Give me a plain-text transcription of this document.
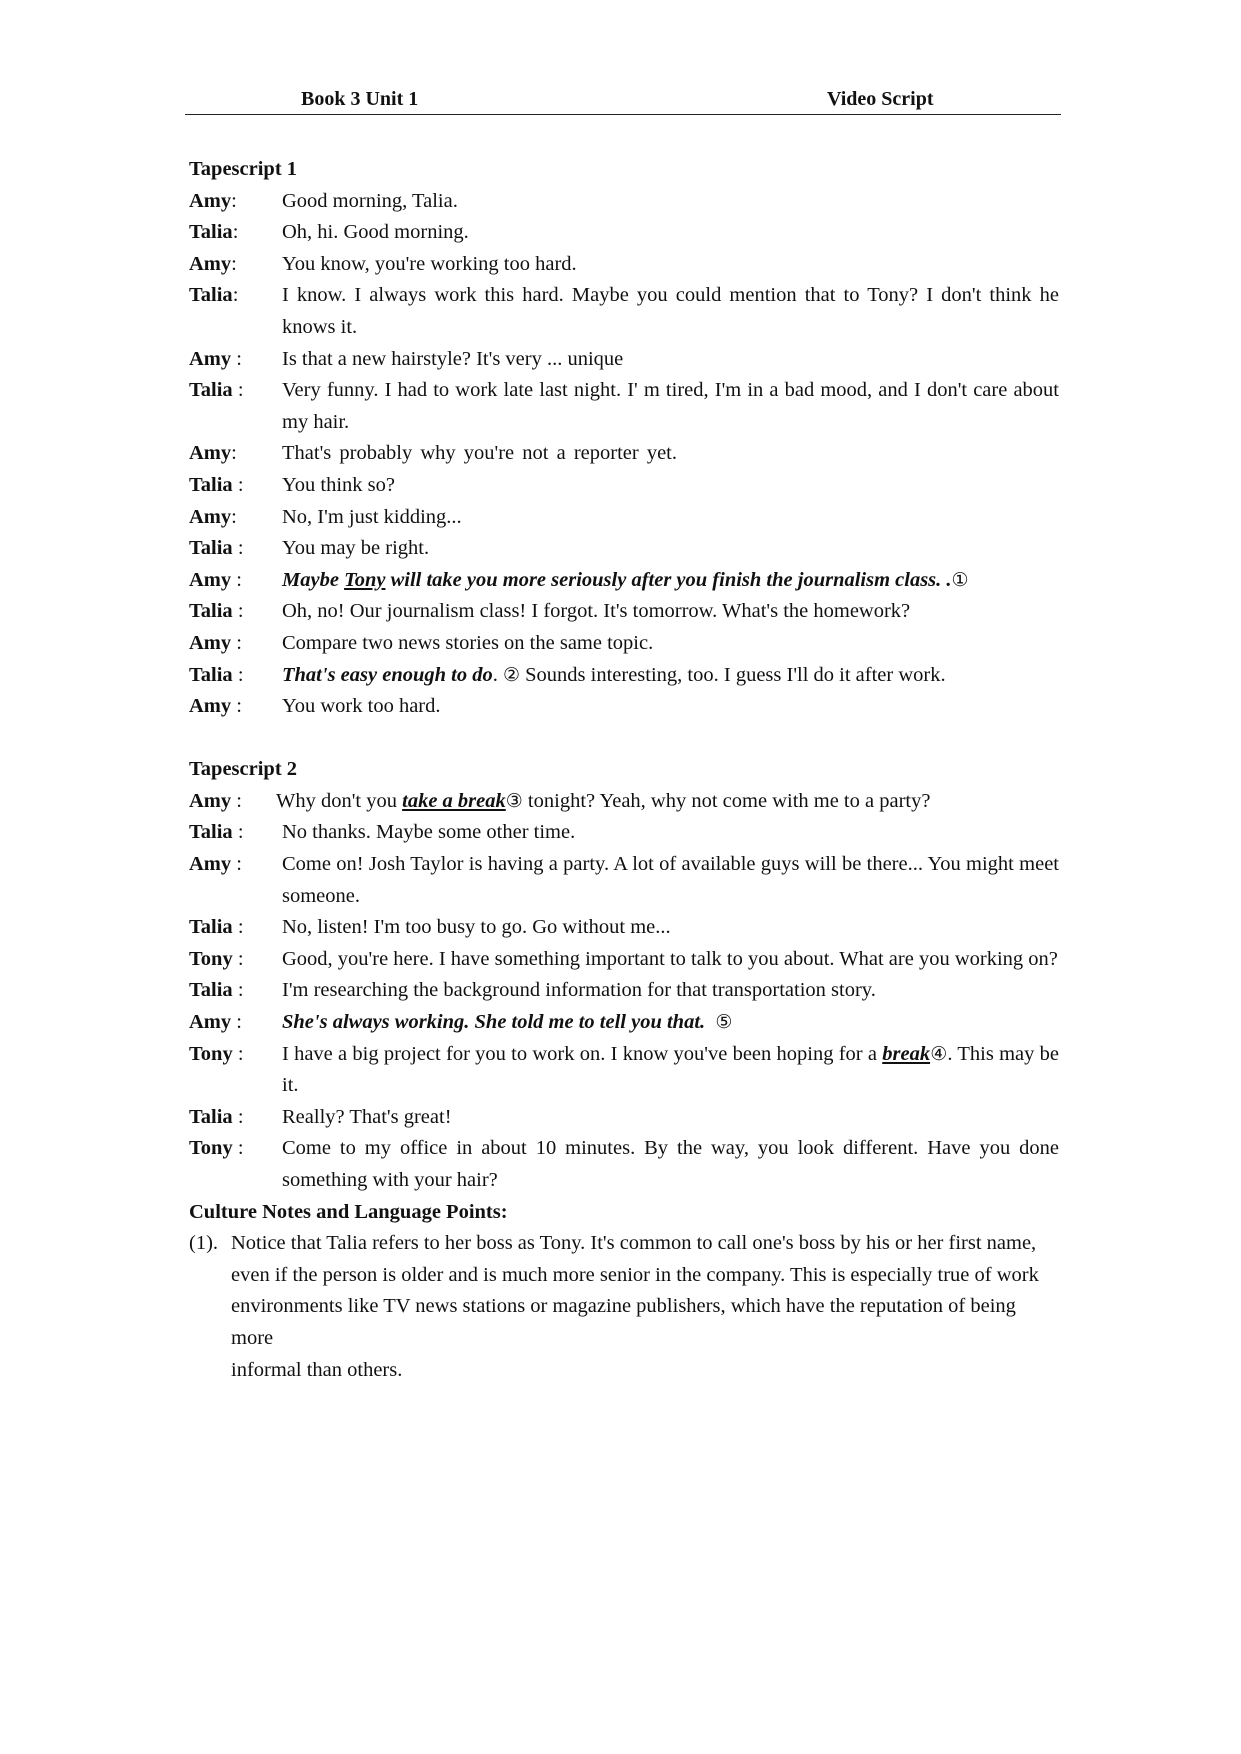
Book 3 Unit 1	Video Script
Tapescript 1
Amy:	Good morning, Talia.
Talia:	Oh, hi. Good morning.
Amy:	You know, you're working too hard.
Talia:	I know. I always work this hard. Maybe you could mention that to Tony? I don't think he knows it.
Amy :	Is that a new hairstyle? It's very ... unique
Talia :	Very funny. I had to work late last night. I' m tired, I'm in a bad mood, and I don't care about my hair.
Amy:	That's probably why you're not a reporter yet.
Talia :	You think so?
Amy:	No, I'm just kidding...
Talia :	You may be right.
Amy :	Maybe Tony will take you more seriously after you finish the journalism class. .①
Talia :	Oh, no! Our journalism class! I forgot. It's tomorrow. What's the homework?
Amy :	Compare two news stories on the same topic.
Talia :	That's easy enough to do. ② Sounds interesting, too. I guess I'll do it after work.
Amy :	You work too hard.
Tapescript 2
Amy :	Why don't you take a break③ tonight? Yeah, why not come with me to a party?
Talia :	No thanks. Maybe some other time.
Amy :	Come on! Josh Taylor is having a party. A lot of available guys will be there... You might meet someone.
Talia :	No, listen! I'm too busy to go. Go without me...
Tony :	Good, you're here. I have something important to talk to you about. What are you working on?
Talia :	I'm researching the background information for that transportation story.
Amy :	She's always working. She told me to tell you that. ⑤
Tony :	I have a big project for you to work on. I know you've been hoping for a break④. This may be it.
Talia :	Really? That's great!
Tony :	Come to my office in about 10 minutes. By the way, you look different. Have you done something with your hair?
Culture Notes and Language Points:
(1). Notice that Talia refers to her boss as Tony. It's common to call one's boss by his or her first name,
even if the person is older and is much more senior in the company. This is especially true of work
environments like TV news stations or magazine publishers, which have the reputation of being more
informal than others.
